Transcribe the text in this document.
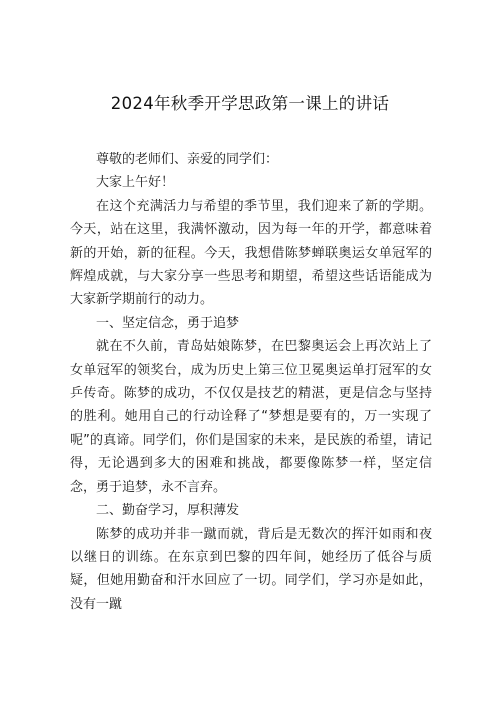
2024年秋季开学思政第一课上的讲话

尊敬的老师们、亲爱的同学们：

大家上午好！

在这个充满活力与希望的季节里，我们迎来了新的学期。今天，站在这里，我满怀激动，因为每一年的开学，都意味着新的开始，新的征程。今天，我想借陈梦蝉联奥运女单冠军的辉煌成就，与大家分享一些思考和期望，希望这些话语能成为大家新学期前行的动力。

一、坚定信念，勇于追梦

就在不久前，青岛姑娘陈梦，在巴黎奥运会上再次站上了女单冠军的领奖台，成为历史上第三位卫冕奥运单打冠军的女乒传奇。陈梦的成功，不仅仅是技艺的精湛，更是信念与坚持的胜利。她用自己的行动诠释了“梦想是要有的，万一实现了呢”的真谛。同学们，你们是国家的未来，是民族的希望，请记得，无论遇到多大的困难和挑战，都要像陈梦一样，坚定信念，勇于追梦，永不言弃。

二、勤奋学习，厚积薄发

陈梦的成功并非一蹴而就，背后是无数次的挥汗如雨和夜以继日的训练。在东京到巴黎的四年间，她经历了低谷与质疑，但她用勤奋和汗水回应了一切。同学们，学习亦是如此，没有一蹴
